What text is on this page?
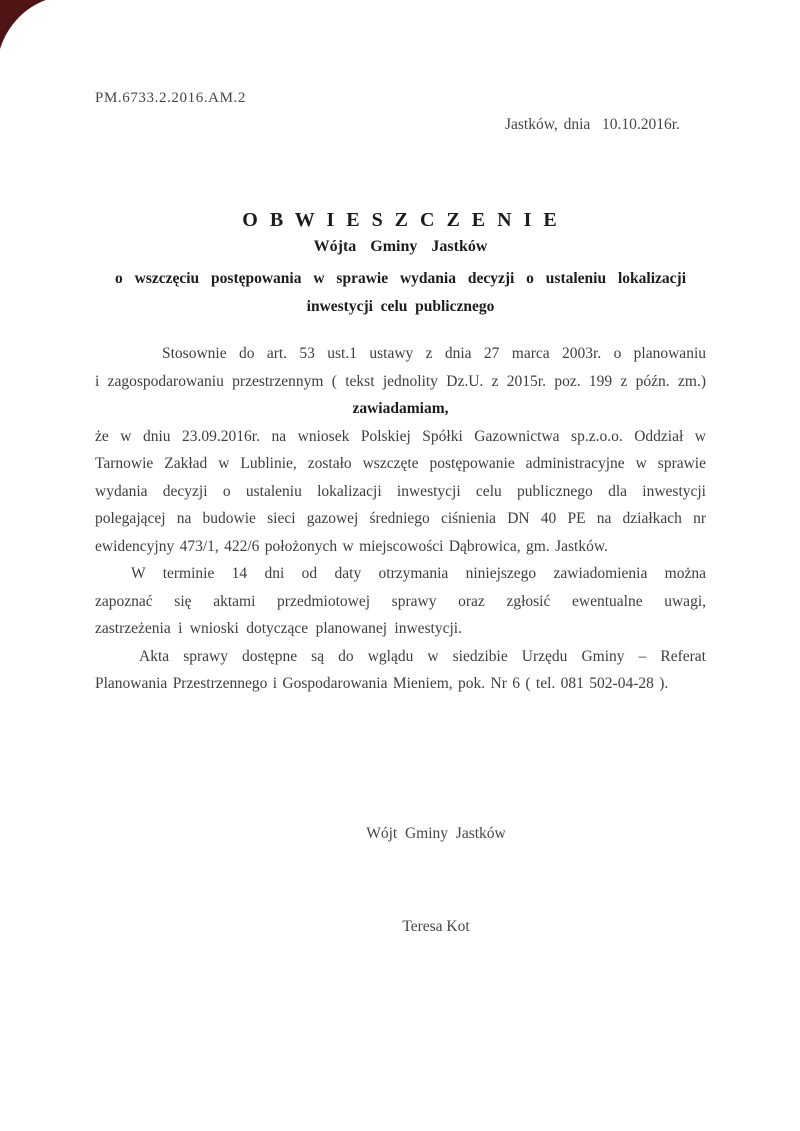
PM.6733.2.2016.AM.2
Jastków, dnia  10.10.2016r.
O B W I E S Z C Z E N I E
Wójta  Gminy  Jastków
o wszczęciu postępowania w sprawie wydania decyzji o ustaleniu lokalizacji
inwestycji  celu  publicznego
Stosownie do art. 53 ust.1 ustawy z dnia 27 marca 2003r. o planowaniu
i zagospodarowaniu przestrzennym ( tekst jednolity Dz.U. z 2015r. poz. 199 z późn. zm.)
zawiadamiam,
że w dniu 23.09.2016r. na wniosek Polskiej Spółki Gazownictwa sp.z.o.o. Oddział w
Tarnowie Zakład w Lublinie, zostało wszczęte postępowanie administracyjne w sprawie
wydania decyzji o ustaleniu lokalizacji inwestycji celu publicznego dla inwestycji
polegającej na budowie sieci gazowej średniego ciśnienia DN 40 PE na działkach nr
ewidencyjny 473/1, 422/6 położonych w miejscowości Dąbrowica, gm. Jastków.
W terminie 14 dni od daty otrzymania niniejszego zawiadomienia można
zapoznać się aktami przedmiotowej sprawy oraz zgłosić ewentualne uwagi,
zastrzeżenia i wnioski dotyczące planowanej inwestycji.
Akta sprawy dostępne są do wglądu w siedzibie Urzędu Gminy – Referat
Planowania Przestrzennego i Gospodarowania Mieniem, pok. Nr 6 ( tel. 081 502-04-28 ).

Wójt  Gminy  Jastków

Teresa Kot
